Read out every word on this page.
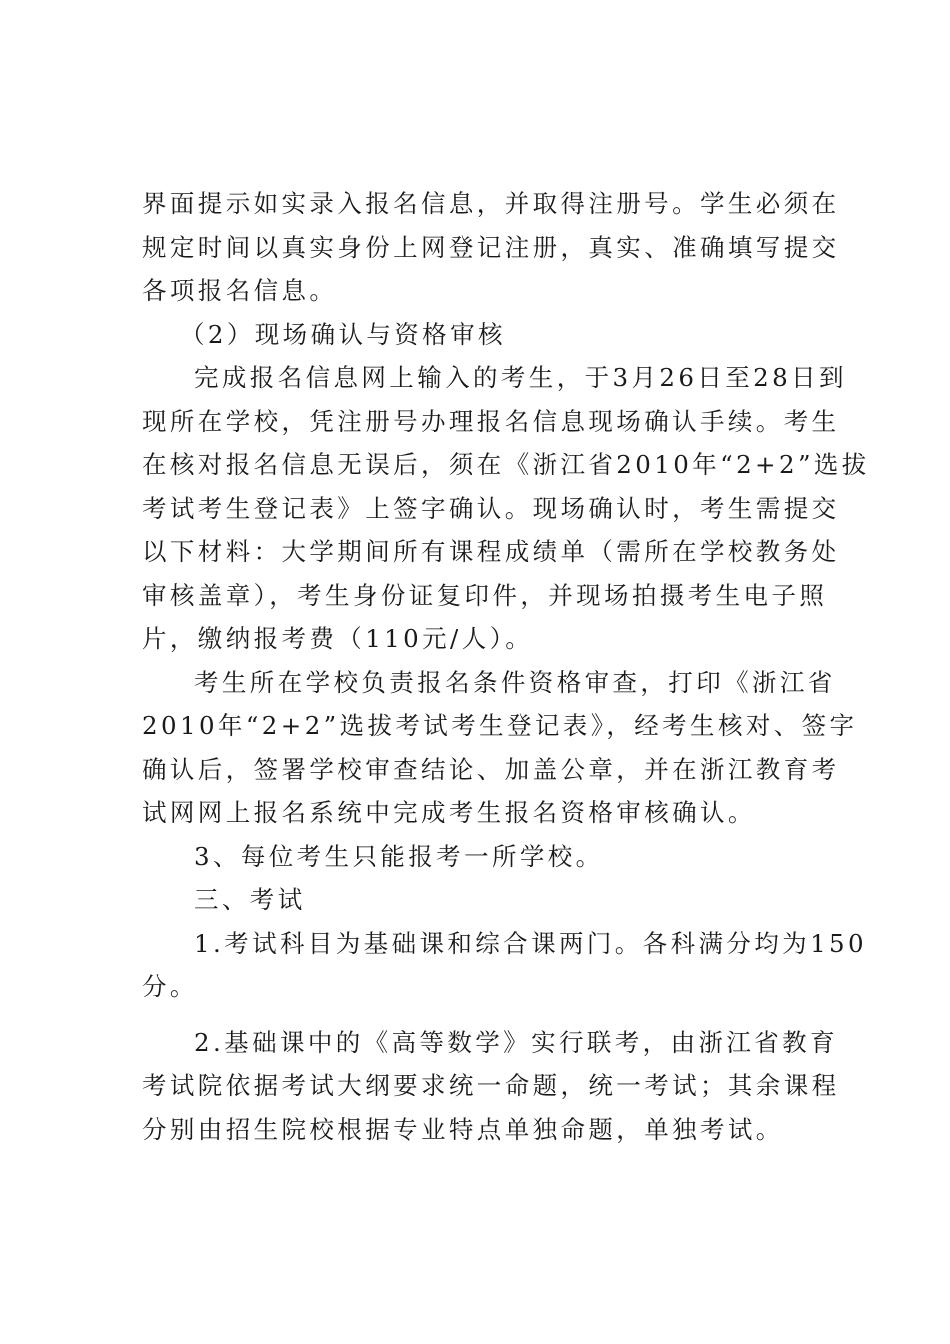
界面提示如实录入报名信息，并取得注册号。学生必须在
规定时间以真实身份上网登记注册，真实、准确填写提交
各项报名信息。
（2）现场确认与资格审核
完成报名信息网上输入的考生，于3月26日至28日到
现所在学校，凭注册号办理报名信息现场确认手续。考生
在核对报名信息无误后，须在《浙江省2010年“2+2”选拔
考试考生登记表》上签字确认。现场确认时，考生需提交
以下材料：大学期间所有课程成绩单（需所在学校教务处
审核盖章），考生身份证复印件，并现场拍摄考生电子照
片，缴纳报考费（110元/人）。
考生所在学校负责报名条件资格审查，打印《浙江省
2010年“2+2”选拔考试考生登记表》，经考生核对、签字
确认后，签署学校审查结论、加盖公章，并在浙江教育考
试网网上报名系统中完成考生报名资格审核确认。
3、每位考生只能报考一所学校。
三、考试
1.考试科目为基础课和综合课两门。各科满分均为150
分。
2.基础课中的《高等数学》实行联考，由浙江省教育
考试院依据考试大纲要求统一命题，统一考试；其余课程
分别由招生院校根据专业特点单独命题，单独考试。
